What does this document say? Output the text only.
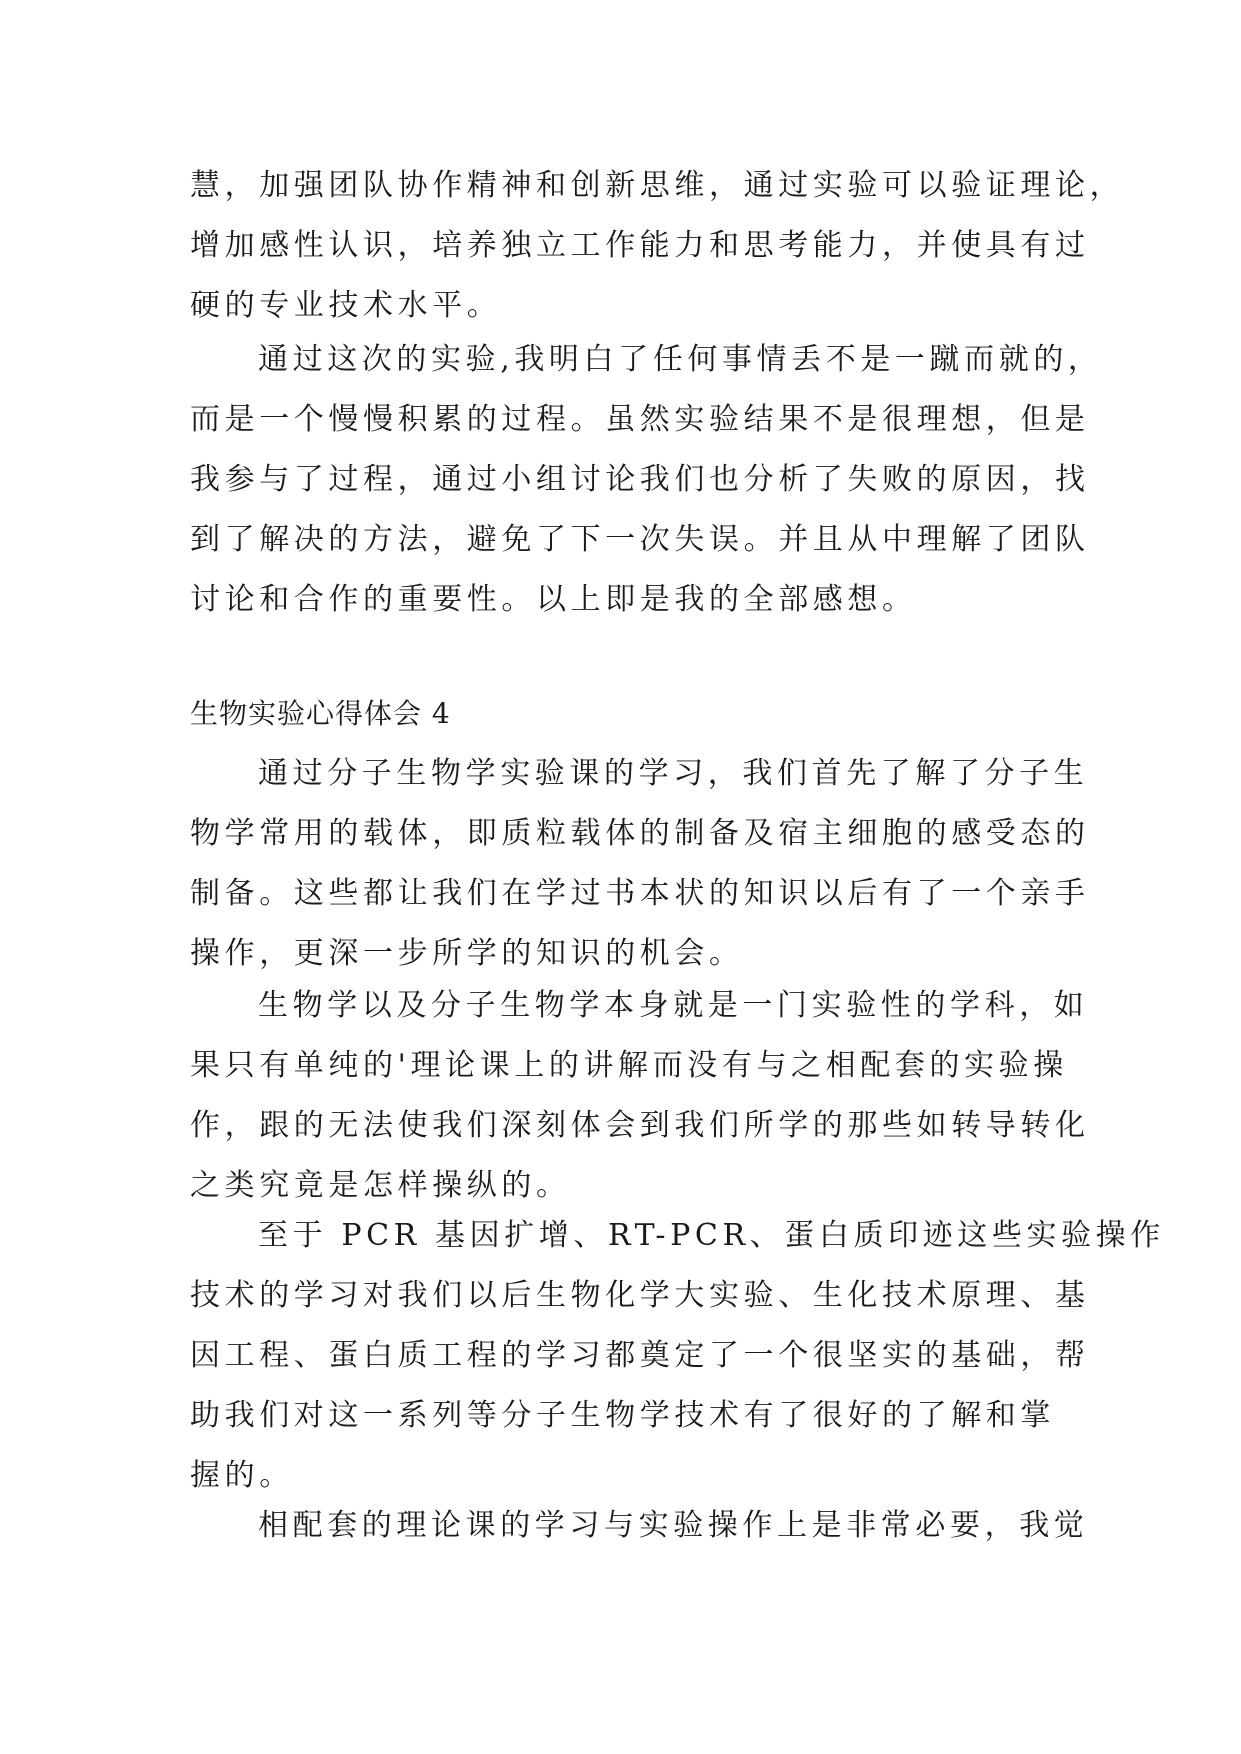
慧，加强团队协作精神和创新思维，通过实验可以验证理论，
增加感性认识，培养独立工作能力和思考能力，并使具有过
硬的专业技术水平。
通过这次的实验,我明白了任何事情丢不是一蹴而就的，
而是一个慢慢积累的过程。虽然实验结果不是很理想，但是
我参与了过程，通过小组讨论我们也分析了失败的原因，找
到了解决的方法，避免了下一次失误。并且从中理解了团队
讨论和合作的重要性。以上即是我的全部感想。
生物实验心得体会 4
通过分子生物学实验课的学习，我们首先了解了分子生
物学常用的载体，即质粒载体的制备及宿主细胞的感受态的
制备。这些都让我们在学过书本状的知识以后有了一个亲手
操作，更深一步所学的知识的机会。
生物学以及分子生物学本身就是一门实验性的学科，如
果只有单纯的'理论课上的讲解而没有与之相配套的实验操
作，跟的无法使我们深刻体会到我们所学的那些如转导转化
之类究竟是怎样操纵的。
至于 PCR 基因扩增、RT-PCR、蛋白质印迹这些实验操作
技术的学习对我们以后生物化学大实验、生化技术原理、基
因工程、蛋白质工程的学习都奠定了一个很坚实的基础，帮
助我们对这一系列等分子生物学技术有了很好的了解和掌
握的。
相配套的理论课的学习与实验操作上是非常必要，我觉
